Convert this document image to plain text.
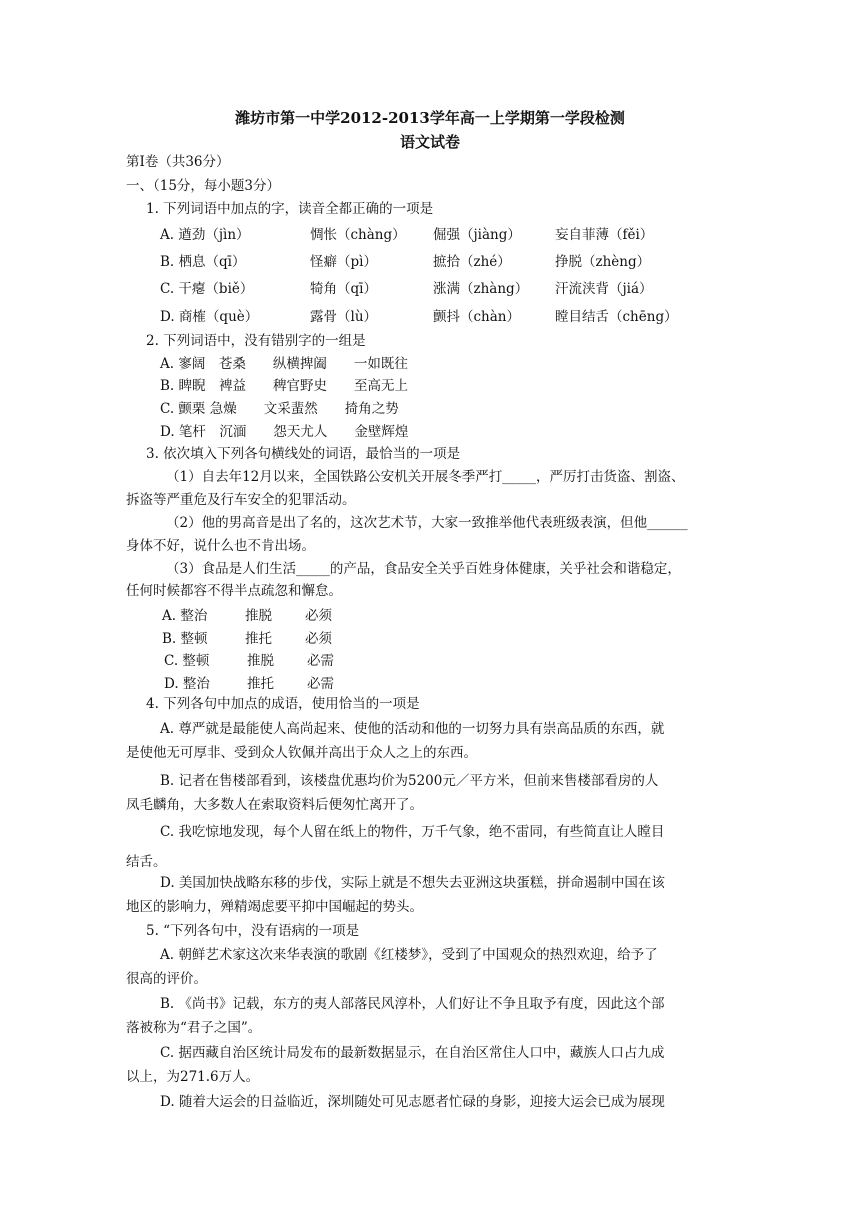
潍坊市第一中学2012-2013学年高一上学期第一学段检测
语文试卷
第Ⅰ卷（共36分）
一、（15分，每小题3分）
1. 下列词语中加点的字，读音全都正确的一项是
A. 遒劲（jìn）	惆怅（chàng） 倔强（jiàng）	妄自菲薄（fěi）
B. 栖息（qī）	怪癖（pì）	摭拾（zhé）	挣脱（zhèng）
C. 干瘪（biě）	犄角（qī）	涨满（zhàng） 汗流浃背（jiá）
D. 商榷（què）	露骨（lù）	颤抖（chàn）	瞠目结舌（chēng）
2. 下列词语中，没有错别字的一组是
A. 寥阔　苍桑　　纵横捭阖　　一如既往
B. 睥睨　裨益　　稗官野史　　至高无上
C. 颤栗 急燥　　文采蜚然　　掎角之势
D. 笔杆　沉湎　　怨天尤人　　金壁辉煌
3. 依次填入下列各句横线处的词语，最恰当的一项是
（1）自去年12月以来，全国铁路公安机关开展冬季严打_____，严厉打击货盗、割盗、
拆盗等严重危及行车安全的犯罪活动。
（2）他的男高音是出了名的，这次艺术节，大家一致推举他代表班级表演，但他______
身体不好，说什么也不肯出场。
（3）食品是人们生活_____的产品，食品安全关乎百姓身体健康，关乎社会和谐稳定，
任何时候都容不得半点疏忽和懈怠。
A. 整治	推脱 必须
B. 整顿	推托 必须
C. 整顿	推脱 必需
D. 整治	推托 必需
4. 下列各句中加点的成语，使用恰当的一项是
A. 尊严就是最能使人高尚起来、使他的活动和他的一切努力具有崇高品质的东西，就
是使他无可厚非、受到众人钦佩并高出于众人之上的东西。
B. 记者在售楼部看到，该楼盘优惠均价为5200元／平方米，但前来售楼部看房的人
凤毛麟角，大多数人在索取资料后便匆忙离开了。
C. 我吃惊地发现，每个人留在纸上的物件，万千气象，绝不雷同，有些简直让人瞠目
结舌。
D. 美国加快战略东移的步伐，实际上就是不想失去亚洲这块蛋糕，拼命遏制中国在该
地区的影响力，殚精竭虑要平抑中国崛起的势头。
5. “下列各句中，没有语病的一项是
A. 朝鲜艺术家这次来华表演的歌剧《红楼梦》，受到了中国观众的热烈欢迎，给予了
很高的评价。
B. 《尚书》记载，东方的夷人部落民风淳朴，人们好让不争且取予有度，因此这个部
落被称为“君子之国”。
C. 据西藏自治区统计局发布的最新数据显示，在自治区常住人口中，藏族人口占九成
以上，为271.6万人。
D. 随着大运会的日益临近，深圳随处可见志愿者忙碌的身影，迎接大运会已成为展现
